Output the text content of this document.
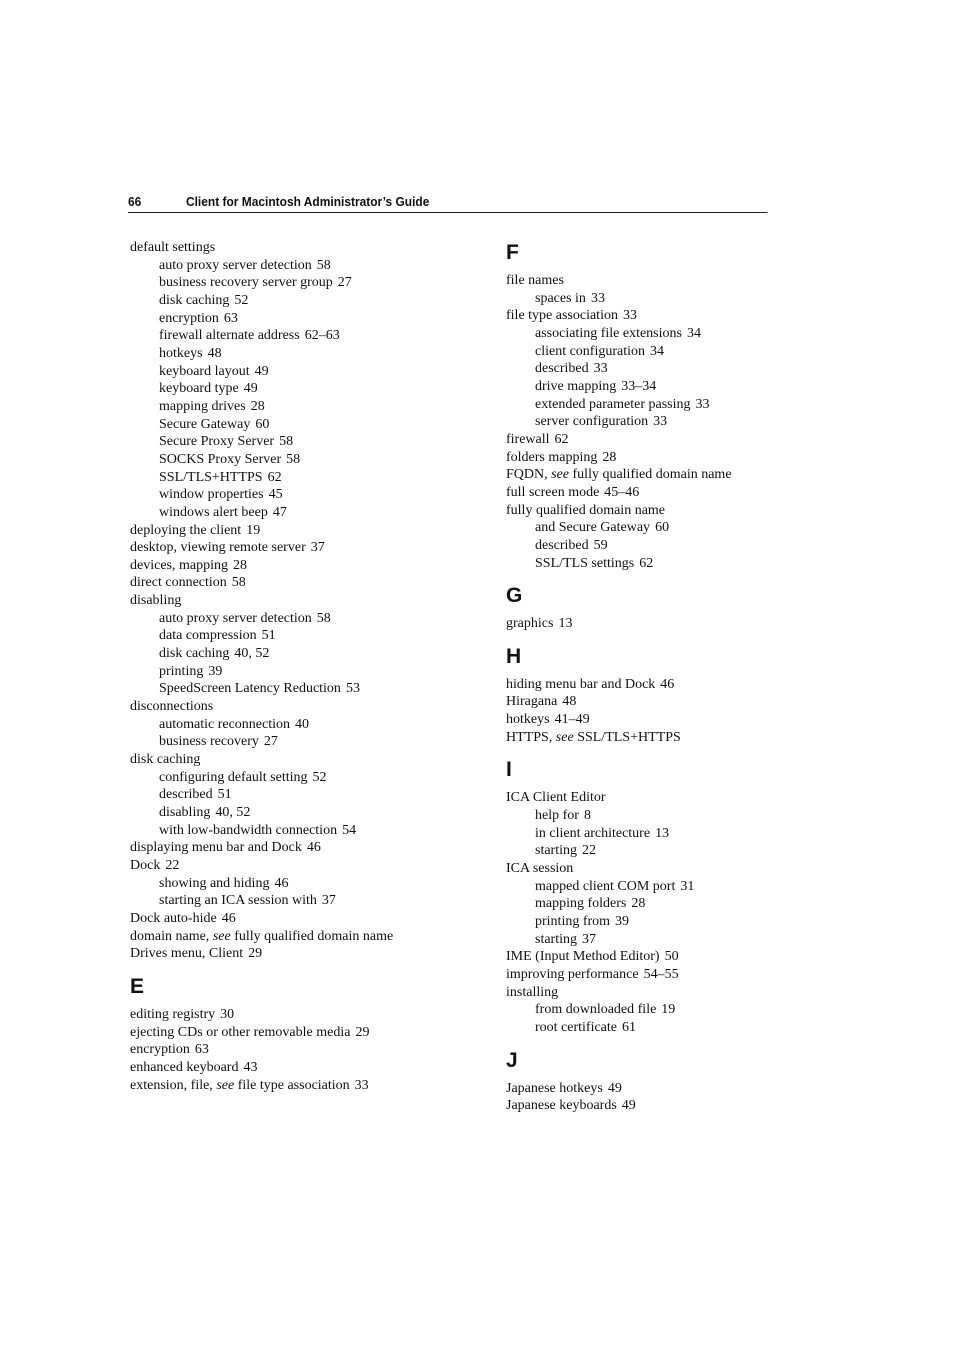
66	Client for Macintosh Administrator’s Guide
default settings
auto proxy server detection 58
business recovery server group 27
disk caching 52
encryption 63
firewall alternate address 62–63
hotkeys 48
keyboard layout 49
keyboard type 49
mapping drives 28
Secure Gateway 60
Secure Proxy Server 58
SOCKS Proxy Server 58
SSL/TLS+HTTPS 62
window properties 45
windows alert beep 47
deploying the client 19
desktop, viewing remote server 37
devices, mapping 28
direct connection 58
disabling
auto proxy server detection 58
data compression 51
disk caching 40, 52
printing 39
SpeedScreen Latency Reduction 53
disconnections
automatic reconnection 40
business recovery 27
disk caching
configuring default setting 52
described 51
disabling 40, 52
with low-bandwidth connection 54
displaying menu bar and Dock 46
Dock 22
showing and hiding 46
starting an ICA session with 37
Dock auto-hide 46
domain name, see fully qualified domain name
Drives menu, Client 29
E
editing registry 30
ejecting CDs or other removable media 29
encryption 63
enhanced keyboard 43
extension, file, see file type association 33
F
file names
spaces in 33
file type association 33
associating file extensions 34
client configuration 34
described 33
drive mapping 33–34
extended parameter passing 33
server configuration 33
firewall 62
folders mapping 28
FQDN, see fully qualified domain name
full screen mode 45–46
fully qualified domain name
and Secure Gateway 60
described 59
SSL/TLS settings 62
G
graphics 13
H
hiding menu bar and Dock 46
Hiragana 48
hotkeys 41–49
HTTPS, see SSL/TLS+HTTPS
I
ICA Client Editor
help for 8
in client architecture 13
starting 22
ICA session
mapped client COM port 31
mapping folders 28
printing from 39
starting 37
IME (Input Method Editor) 50
improving performance 54–55
installing
from downloaded file 19
root certificate 61
J
Japanese hotkeys 49
Japanese keyboards 49
